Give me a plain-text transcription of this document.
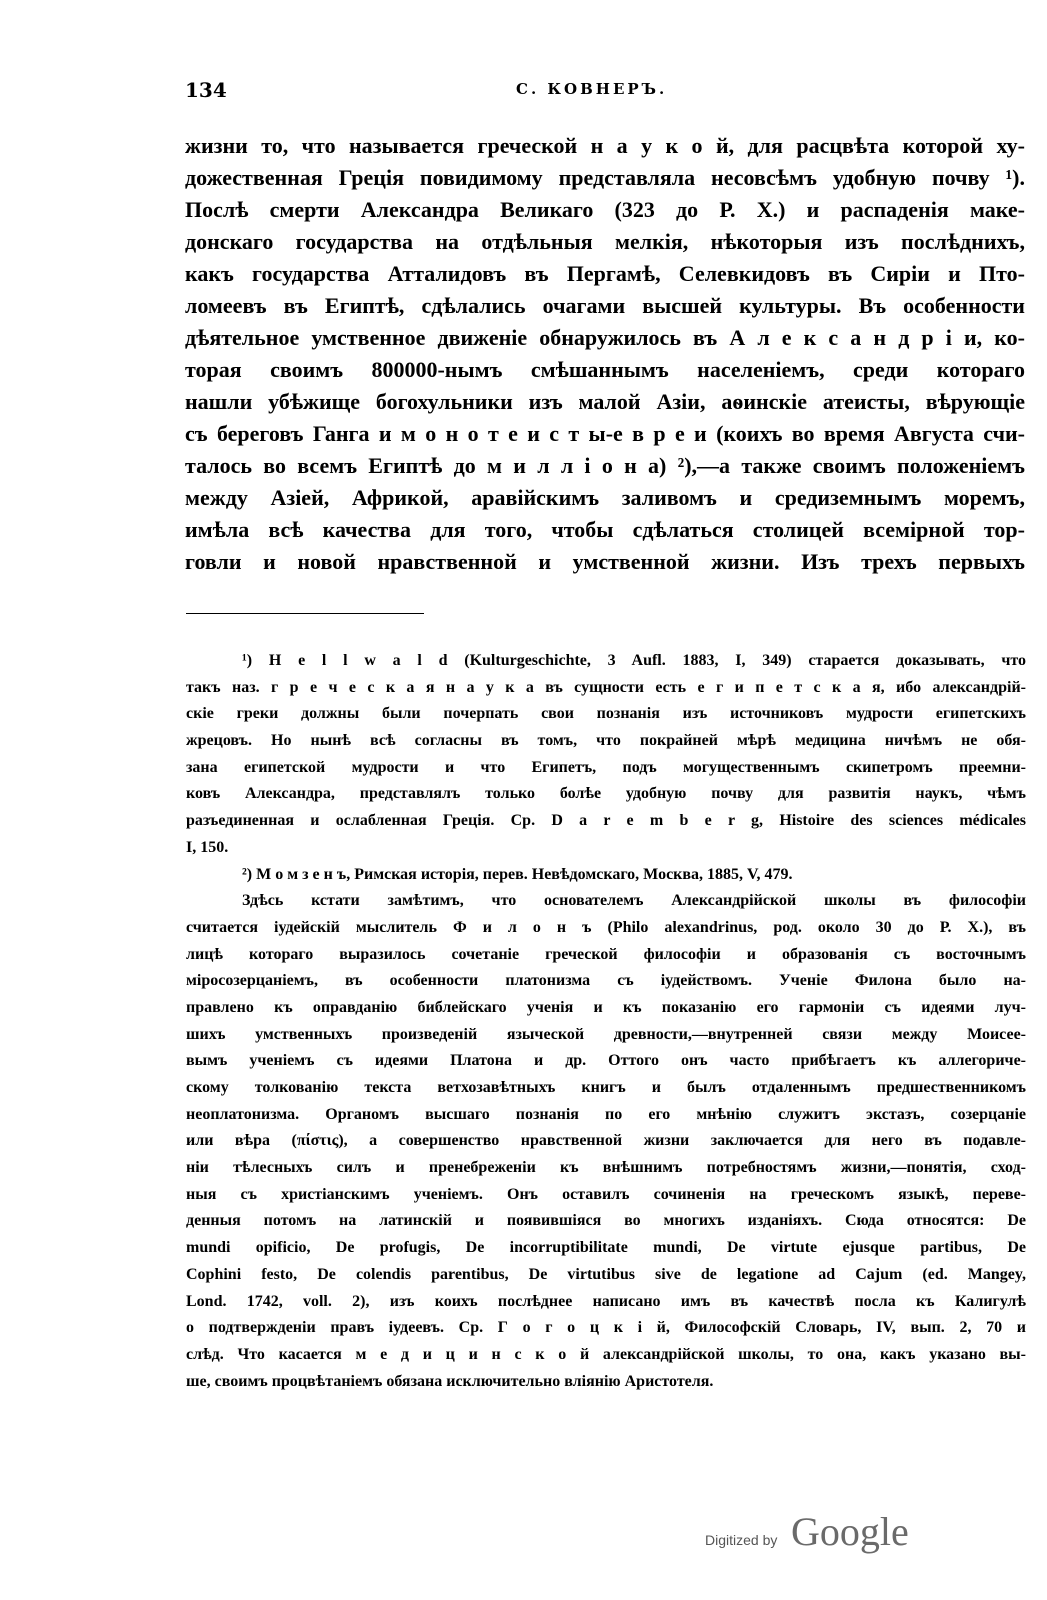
134	С. КОВНЕРЪ.
жизни то, что называется греческой н а у к о й, для расцвѣта которой ху-
дожественная Греція повидимому представляла несовсѣмъ удобную почву ¹).
Послѣ смерти Александра Великаго (323 до Р. X.) и распаденія маке-
донскаго государства на отдѣльныя мелкія, нѣкоторыя изъ послѣднихъ,
какъ государства Атталидовъ въ Пергамѣ, Селевкидовъ въ Сиріи и Пто-
ломеевъ въ Египтѣ, сдѣлались очагами высшей культуры. Въ особенности
дѣятельное умственное движеніе обнаружилось въ А л е к с а н д р і и, ко-
торая своимъ 800000-нымъ смѣшаннымъ населеніемъ, среди котораго
нашли убѣжище богохульники изъ малой Азіи, аѳинскіе атеисты, вѣрующіе
съ береговъ Ганга и м о н о т е и с т ы-е в р е и (коихъ во время Августа счи-
талось во всемъ Египтѣ до м и л л і о н а) ²),—а также своимъ положеніемъ
между Азіей, Африкой, аравійскимъ заливомъ и средиземнымъ моремъ,
имѣла всѣ качества для того, чтобы сдѣлаться столицей всемірной тор-
говли и новой нравственной и умственной жизни. Изъ трехъ первыхъ
¹) H e l l w a l d (Kulturgeschichte, 3 Aufl. 1883, I, 349) старается доказывать, что
такъ наз. г р е ч е с к а я н а у к а въ сущности есть е г и п е т с к а я, ибо александрій-
скіе греки должны были почерпать свои познанія изъ источниковъ мудрости египетскихъ
жрецовъ. Но нынѣ всѣ согласны въ томъ, что покрайней мѣрѣ медицина ничѣмъ не обя-
зана египетской мудрости и что Египетъ, подъ могущественнымъ скипетромъ преемни-
ковъ Александра, представлялъ только болѣе удобную почву для развитія наукъ, чѣмъ
разъединенная и ослабленная Греція. Ср. D a r e m b e r g, Histoire des sciences médicales
I, 150.
²) М о м з е н ъ, Римская исторія, перев. Невѣдомскаго, Москва, 1885, V, 479.
Здѣсь кстати замѣтимъ, что основателемъ Александрійской школы въ философіи
считается іудейскій мыслитель Ф и л о н ъ (Philo alexandrinus, род. около 30 до Р. X.), въ
лицѣ котораго выразилось сочетаніе греческой философіи и образованія съ восточнымъ
міросозерцаніемъ, въ особенности платонизма съ іудействомъ. Ученіе Филона было на-
правлено къ оправданію библейскаго ученія и къ показанію его гармоніи съ идеями луч-
шихъ умственныхъ произведеній языческой древности,—внутренней связи между Моисее-
вымъ ученіемъ съ идеями Платона и др. Оттого онъ часто прибѣгаетъ къ аллегориче-
скому толкованію текста ветхозавѣтныхъ книгъ и былъ отдаленнымъ предшественникомъ
неоплатонизма. Органомъ высшаго познанія по его мнѣнію служитъ экстазъ, созерцаніе
или вѣра (πίστις), а совершенство нравственной жизни заключается для него въ подавле-
ніи тѣлесныхъ силъ и пренебреженіи къ внѣшнимъ потребностямъ жизни,—понятія, сход-
ныя съ христіанскимъ ученіемъ. Онъ оставилъ сочиненія на греческомъ языкѣ, переве-
денныя потомъ на латинскій и появившіяся во многихъ изданіяхъ. Сюда относятся: De
mundi opificio, De profugis, De incorruptibilitate mundi, De virtute ejusque partibus, De
Cophini festo, De colendis parentibus, De virtutibus sive de legatione ad Cajum (ed. Mangey,
Lond. 1742, voll. 2), изъ коихъ послѣднее написано имъ въ качествѣ посла къ Калигулѣ
о подтвержденіи правъ іудеевъ. Ср. Г о г о ц к і й, Философскій Словарь, IV, вып. 2, 70 и
слѣд. Что касается м е д и ц и н с к о й александрійской школы, то она, какъ указано вы-
ше, своимъ процвѣтаніемъ обязана исключительно вліянію Аристотеля.
Digitized by Google
